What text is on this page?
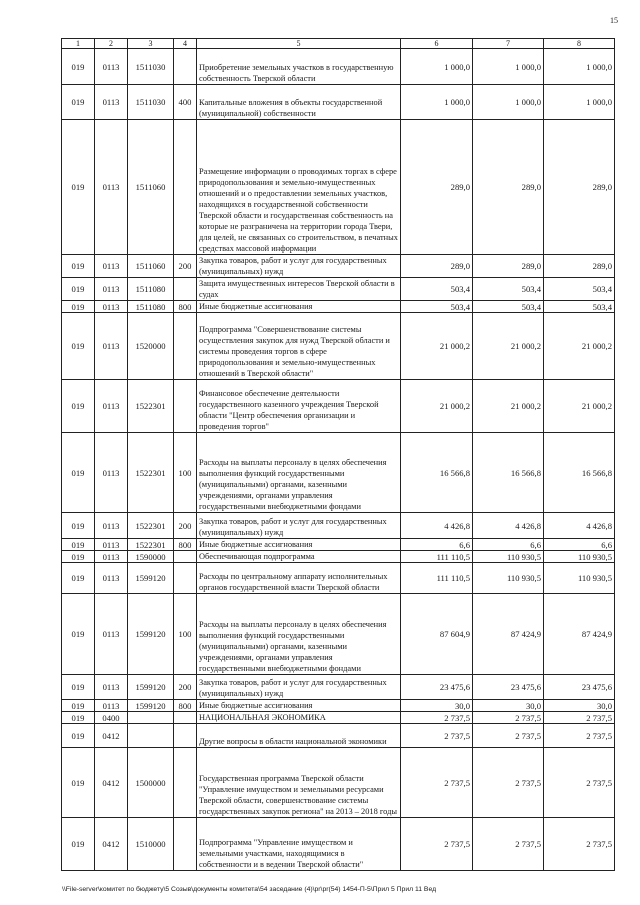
15
1	2	3	4	5	6	7	8
019	0113	1511030		Приобретение земельных участков в государственную собственность Тверской области	1 000,0	1 000,0	1 000,0
019	0113	1511030	400	Капитальные вложения в объекты государственной (муниципальной) собственности	1 000,0	1 000,0	1 000,0
019	0113	1511060		Размещение информации о проводимых торгах в сфере природопользования и земельно-имущественных отношений и о предоставлении земельных участков, находящихся в государственной собственности Тверской области и государственная собственность на которые не разграничена на территории города Твери, для целей, не связанных со строительством, в печатных средствах массовой информации	289,0	289,0	289,0
019	0113	1511060	200	Закупка товаров, работ и услуг для государственных (муниципальных) нужд	289,0	289,0	289,0
019	0113	1511080		Защита имущественных интересов Тверской области в судах	503,4	503,4	503,4
019	0113	1511080	800	Иные бюджетные ассигнования	503,4	503,4	503,4
019	0113	1520000		Подпрограмма "Совершенствование системы осуществления закупок для нужд Тверской области и системы проведения торгов в сфере природопользования и земельно-имущественных отношений в Тверской области"	21 000,2	21 000,2	21 000,2
019	0113	1522301		Финансовое обеспечение деятельности государственного казенного учреждения Тверской области "Центр обеспечения организации и проведения торгов"	21 000,2	21 000,2	21 000,2
019	0113	1522301	100	Расходы на выплаты персоналу в целях обеспечения выполнения функций государственными (муниципальными) органами, казенными учреждениями, органами управления государственными внебюджетными фондами	16 566,8	16 566,8	16 566,8
019	0113	1522301	200	Закупка товаров, работ и услуг для государственных (муниципальных) нужд	4 426,8	4 426,8	4 426,8
019	0113	1522301	800	Иные бюджетные ассигнования	6,6	6,6	6,6
019	0113	1590000		Обеспечивающая подпрограмма	111 110,5	110 930,5	110 930,5
019	0113	1599120		Расходы по центральному аппарату исполнительных органов государственной власти Тверской области	111 110,5	110 930,5	110 930,5
019	0113	1599120	100	Расходы на выплаты персоналу в целях обеспечения выполнения функций государственными (муниципальными) органами, казенными учреждениями, органами управления государственными внебюджетными фондами	87 604,9	87 424,9	87 424,9
019	0113	1599120	200	Закупка товаров, работ и услуг для государственных (муниципальных) нужд	23 475,6	23 475,6	23 475,6
019	0113	1599120	800	Иные бюджетные ассигнования	30,0	30,0	30,0
019	0400			НАЦИОНАЛЬНАЯ ЭКОНОМИКА	2 737,5	2 737,5	2 737,5
019	0412			Другие вопросы в области национальной экономики	2 737,5	2 737,5	2 737,5
019	0412	1500000		Государственная программа Тверской области "Управление имуществом и земельными ресурсами Тверской области, совершенствование системы государственных закупок региона" на 2013 – 2018 годы	2 737,5	2 737,5	2 737,5
019	0412	1510000		Подпрограмма "Управление имуществом и земельными участками, находящимися в собственности и в ведении Тверской области"	2 737,5	2 737,5	2 737,5
\\File-server\комитет по бюджету\5 Созыв\документы комитета\54 заседание (4)\pr\pr(54) 1454-П-5\Прил 5 Прил 11 Вед
